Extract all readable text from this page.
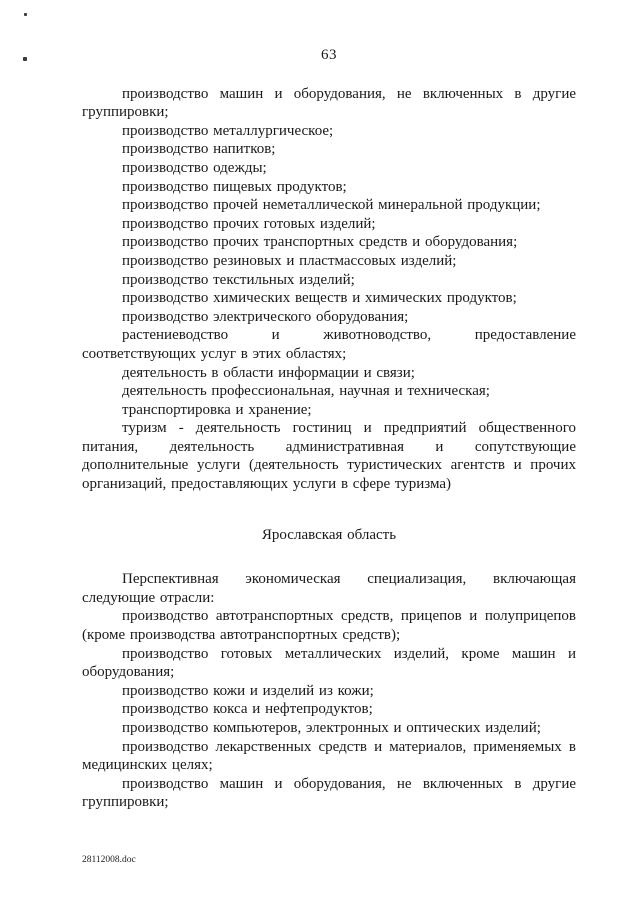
63

производство машин и оборудования, не включенных в другие группировки;

производство металлургическое;

производство напитков;

производство одежды;

производство пищевых продуктов;

производство прочей неметаллической минеральной продукции;

производство прочих готовых изделий;

производство прочих транспортных средств и оборудования;

производство резиновых и пластмассовых изделий;

производство текстильных изделий;

производство химических веществ и химических продуктов;

производство электрического оборудования;

растениеводство и животноводство, предоставление соответствующих услуг в этих областях;

деятельность в области информации и связи;

деятельность профессиональная, научная и техническая;

транспортировка и хранение;

туризм - деятельность гостиниц и предприятий общественного питания, деятельность административная и сопутствующие дополнительные услуги (деятельность туристических агентств и прочих организаций, предоставляющих услуги в сфере туризма)

Ярославская область

Перспективная экономическая специализация, включающая следующие отрасли:

производство автотранспортных средств, прицепов и полуприцепов (кроме производства автотранспортных средств);

производство готовых металлических изделий, кроме машин и оборудования;

производство кожи и изделий из кожи;

производство кокса и нефтепродуктов;

производство компьютеров, электронных и оптических изделий;

производство лекарственных средств и материалов, применяемых в медицинских целях;

производство машин и оборудования, не включенных в другие группировки;

28112008.doc
